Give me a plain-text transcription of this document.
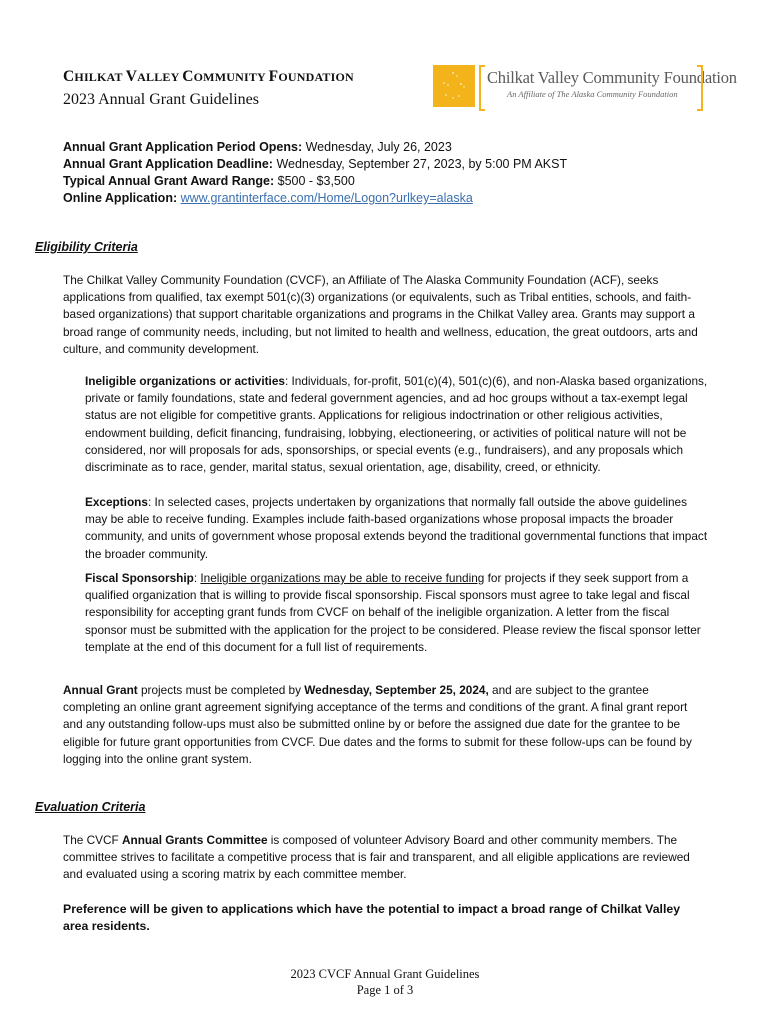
CHILKAT VALLEY COMMUNITY FOUNDATION
2023 Annual Grant Guidelines
Chilkat Valley Community Foundation
An Affiliate of The Alaska Community Foundation
Annual Grant Application Period Opens: Wednesday, July 26, 2023
Annual Grant Application Deadline: Wednesday, September 27, 2023, by 5:00 PM AKST
Typical Annual Grant Award Range: $500 - $3,500
Online Application: www.grantinterface.com/Home/Logon?urlkey=alaska
Eligibility Criteria
The Chilkat Valley Community Foundation (CVCF), an Affiliate of The Alaska Community Foundation (ACF), seeks applications from qualified, tax exempt 501(c)(3) organizations (or equivalents, such as Tribal entities, schools, and faith-based organizations) that support charitable organizations and programs in the Chilkat Valley area. Grants may support a broad range of community needs, including, but not limited to health and wellness, education, the great outdoors, arts and culture, and community development.
Ineligible organizations or activities: Individuals, for-profit, 501(c)(4), 501(c)(6), and non-Alaska based organizations, private or family foundations, state and federal government agencies, and ad hoc groups without a tax-exempt legal status are not eligible for competitive grants. Applications for religious indoctrination or other religious activities, endowment building, deficit financing, fundraising, lobbying, electioneering, or activities of political nature will not be considered, nor will proposals for ads, sponsorships, or special events (e.g., fundraisers), and any proposals which discriminate as to race, gender, marital status, sexual orientation, age, disability, creed, or ethnicity.
Exceptions: In selected cases, projects undertaken by organizations that normally fall outside the above guidelines may be able to receive funding. Examples include faith-based organizations whose proposal impacts the broader community, and units of government whose proposal extends beyond the traditional governmental functions that impact the broader community.
Fiscal Sponsorship: Ineligible organizations may be able to receive funding for projects if they seek support from a qualified organization that is willing to provide fiscal sponsorship. Fiscal sponsors must agree to take legal and fiscal responsibility for accepting grant funds from CVCF on behalf of the ineligible organization. A letter from the fiscal sponsor must be submitted with the application for the project to be considered. Please review the fiscal sponsor letter template at the end of this document for a full list of requirements.
Annual Grant projects must be completed by Wednesday, September 25, 2024, and are subject to the grantee completing an online grant agreement signifying acceptance of the terms and conditions of the grant. A final grant report and any outstanding follow-ups must also be submitted online by or before the assigned due date for the grantee to be eligible for future grant opportunities from CVCF. Due dates and the forms to submit for these follow-ups can be found by logging into the online grant system.
Evaluation Criteria
The CVCF Annual Grants Committee is composed of volunteer Advisory Board and other community members. The committee strives to facilitate a competitive process that is fair and transparent, and all eligible applications are reviewed and evaluated using a scoring matrix by each committee member.
Preference will be given to applications which have the potential to impact a broad range of Chilkat Valley area residents.
2023 CVCF Annual Grant Guidelines
Page 1 of 3
